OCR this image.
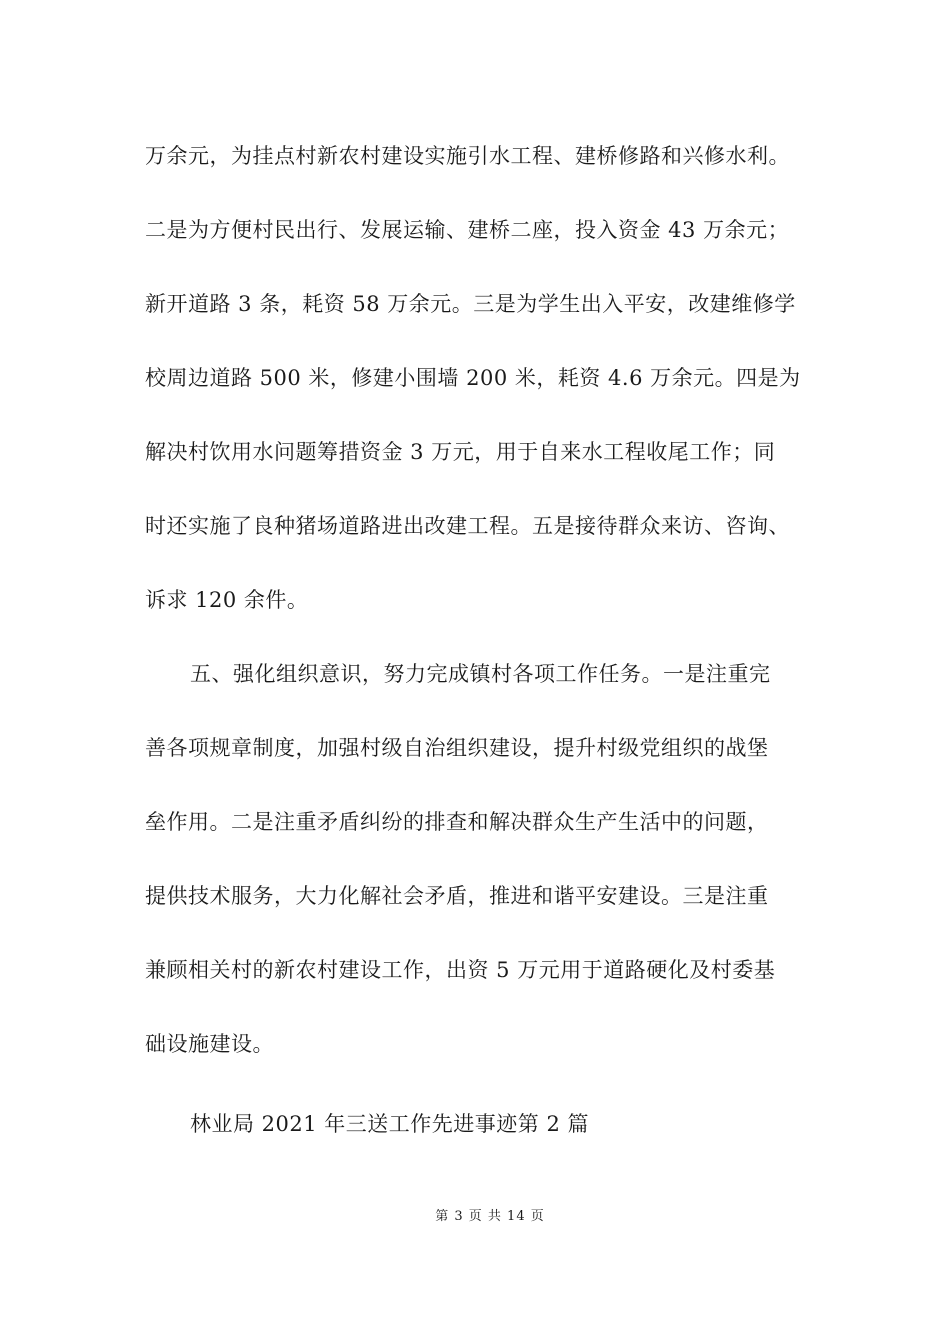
万余元，为挂点村新农村建设实施引水工程、建桥修路和兴修水利。
二是为方便村民出行、发展运输、建桥二座，投入资金 43 万余元；
新开道路 3 条，耗资 58 万余元。三是为学生出入平安，改建维修学
校周边道路 500 米，修建小围墙 200 米，耗资 4.6 万余元。四是为
解决村饮用水问题筹措资金 3 万元，用于自来水工程收尾工作；同
时还实施了良种猪场道路进出改建工程。五是接待群众来访、咨询、
诉求 120 余件。
五、强化组织意识，努力完成镇村各项工作任务。一是注重完
善各项规章制度，加强村级自治组织建设，提升村级党组织的战堡
垒作用。二是注重矛盾纠纷的排查和解决群众生产生活中的问题，
提供技术服务，大力化解社会矛盾，推进和谐平安建设。三是注重
兼顾相关村的新农村建设工作，出资 5 万元用于道路硬化及村委基
础设施建设。
林业局 2021 年三送工作先进事迹第 2 篇
第 3 页 共 14 页
